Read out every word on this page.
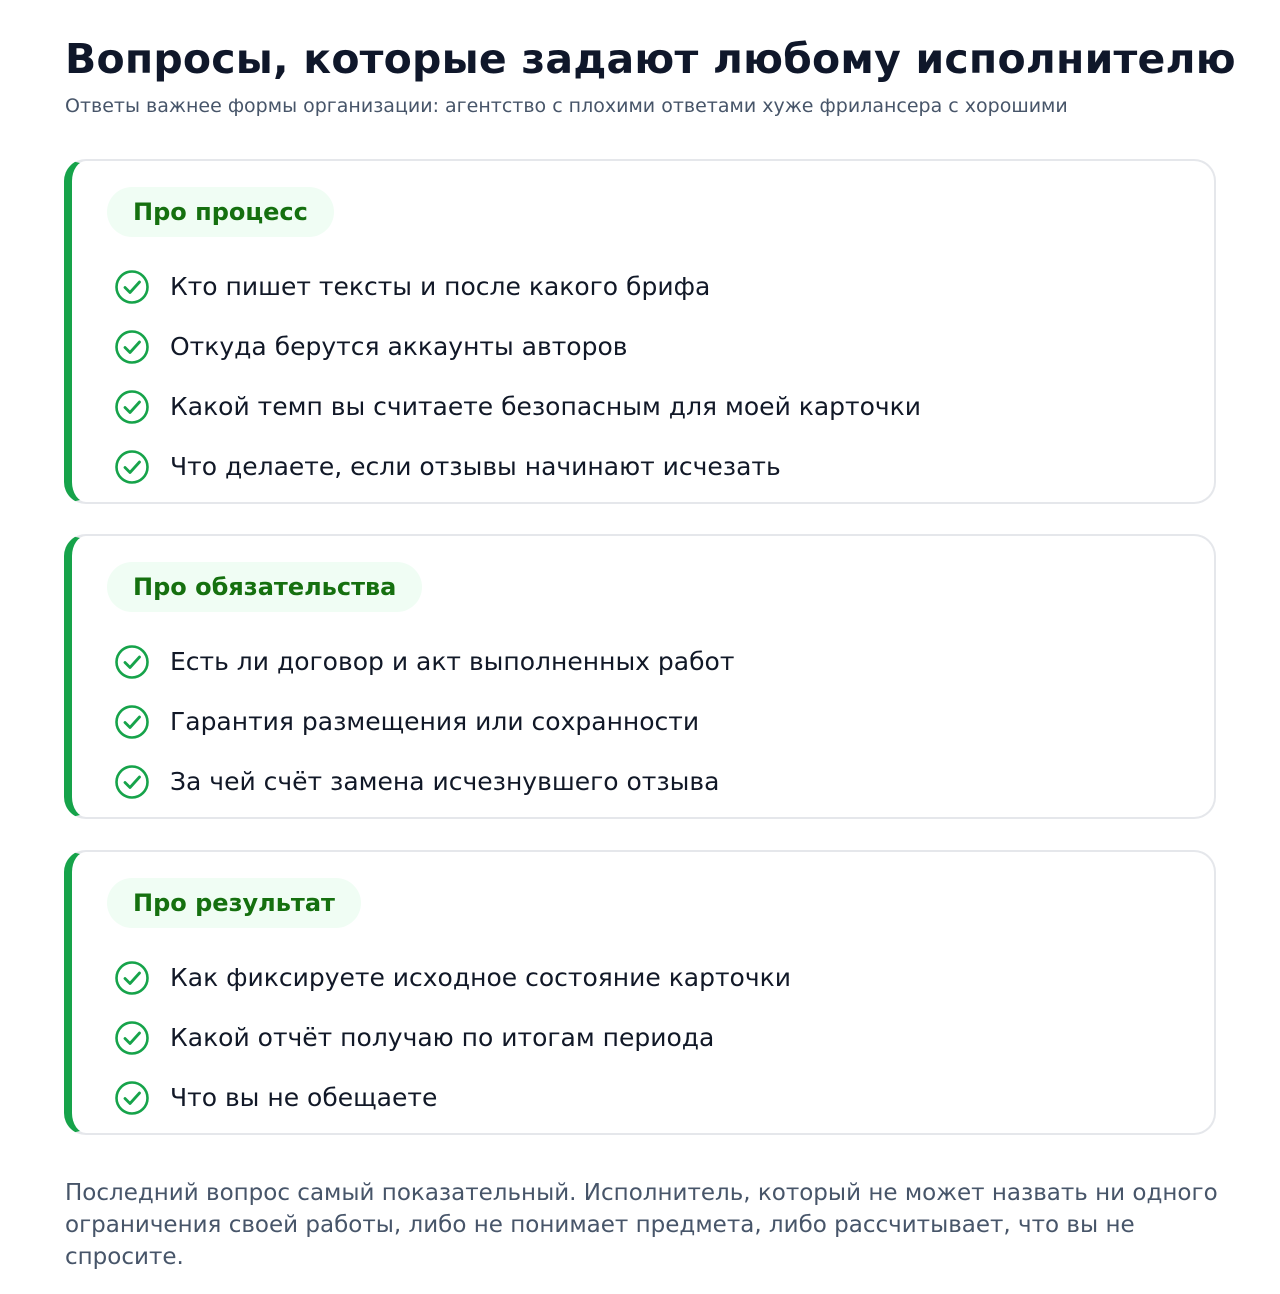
Вопросы, которые задают любому исполнителю

Ответы важнее формы организации: агентство с плохими ответами хуже фрилансера с хорошими

Про процесс
Кто пишет тексты и после какого брифа
Откуда берутся аккаунты авторов
Какой темп вы считаете безопасным для моей карточки
Что делаете, если отзывы начинают исчезать
Про обязательства
Есть ли договор и акт выполненных работ
Гарантия размещения или сохранности
За чей счёт замена исчезнувшего отзыва
Про результат
Как фиксируете исходное состояние карточки
Какой отчёт получаю по итогам периода
Что вы не обещаете

Последний вопрос самый показательный. Исполнитель, который не может назвать ни одного ограничения своей работы, либо не понимает предмета, либо рассчитывает, что вы не спросите.
